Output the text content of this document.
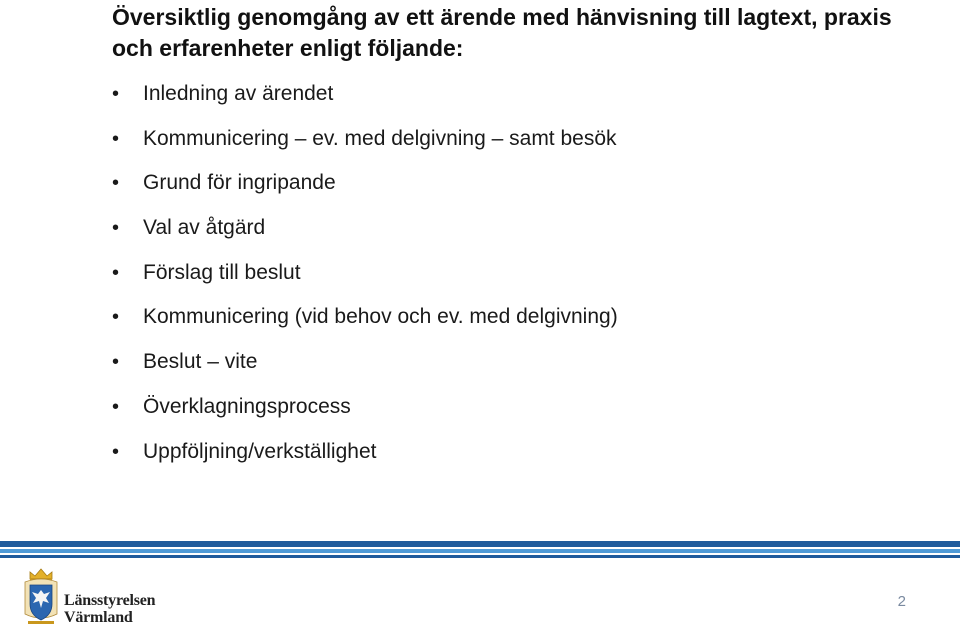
Översiktlig genomgång av ett ärende med hänvisning till lagtext, praxis och erfarenheter enligt följande:
• Inledning av ärendet
• Kommunicering – ev. med delgivning – samt besök
• Grund för ingripande
• Val av åtgärd
• Förslag till beslut
• Kommunicering (vid behov och ev. med delgivning)
• Beslut – vite
• Överklagningsprocess
• Uppföljning/verkställighet
Länsstyrelsen
Värmland
2
